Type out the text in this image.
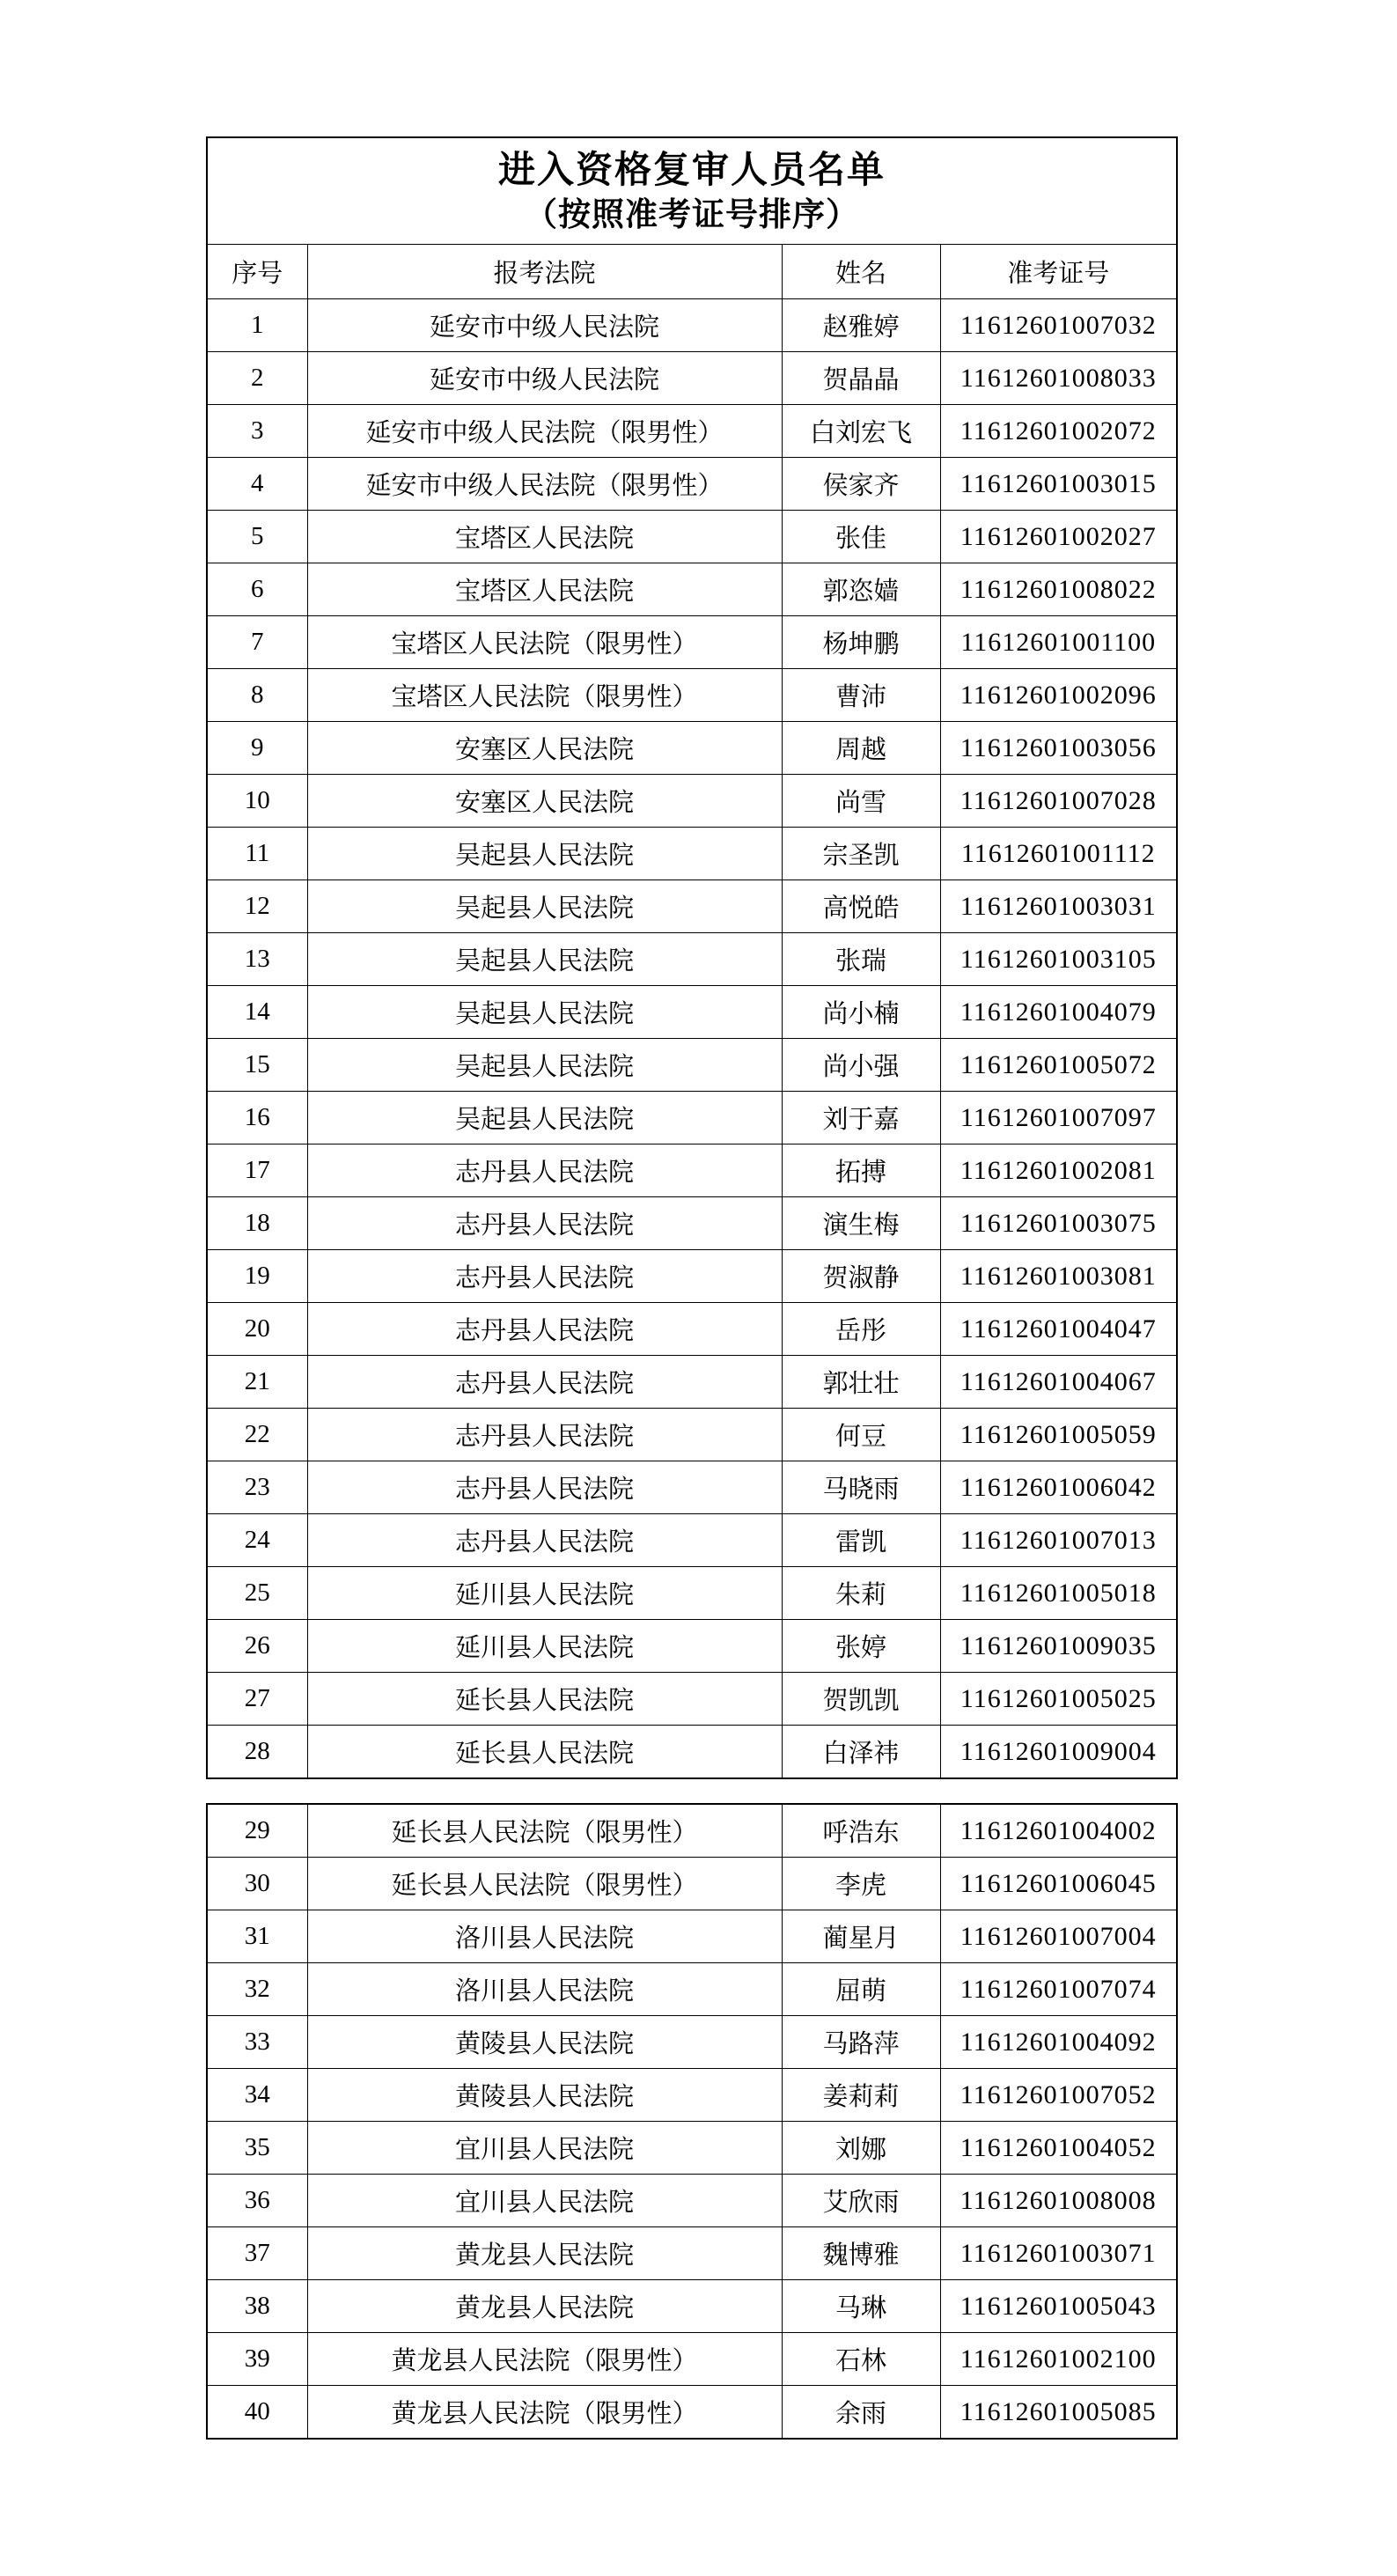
进入资格复审人员名单
（按照准考证号排序）			

序号	报考法院	姓名	准考证号
1	延安市中级人民法院	赵雅婷	11612601007032
2	延安市中级人民法院	贺晶晶	11612601008033
3	延安市中级人民法院（限男性）	白刘宏飞	11612601002072
4	延安市中级人民法院（限男性）	侯家齐	11612601003015
5	宝塔区人民法院	张佳	11612601002027
6	宝塔区人民法院	郭恣嫱	11612601008022
7	宝塔区人民法院（限男性）	杨坤鹏	11612601001100
8	宝塔区人民法院（限男性）	曹沛	11612601002096
9	安塞区人民法院	周越	11612601003056
10	安塞区人民法院	尚雪	11612601007028
11	吴起县人民法院	宗圣凯	11612601001112
12	吴起县人民法院	高悦皓	11612601003031
13	吴起县人民法院	张瑞	11612601003105
14	吴起县人民法院	尚小楠	11612601004079
15	吴起县人民法院	尚小强	11612601005072
16	吴起县人民法院	刘于嘉	11612601007097
17	志丹县人民法院	拓搏	11612601002081
18	志丹县人民法院	演生梅	11612601003075
19	志丹县人民法院	贺淑静	11612601003081
20	志丹县人民法院	岳彤	11612601004047
21	志丹县人民法院	郭壮壮	11612601004067
22	志丹县人民法院	何豆	11612601005059
23	志丹县人民法院	马晓雨	11612601006042
24	志丹县人民法院	雷凯	11612601007013
25	延川县人民法院	朱莉	11612601005018
26	延川县人民法院	张婷	11612601009035
27	延长县人民法院	贺凯凯	11612601005025
28	延长县人民法院	白泽祎	11612601009004
29	延长县人民法院（限男性）	呼浩东	11612601004002
30	延长县人民法院（限男性）	李虎	11612601006045
31	洛川县人民法院	蔺星月	11612601007004
32	洛川县人民法院	屈萌	11612601007074
33	黄陵县人民法院	马路萍	11612601004092
34	黄陵县人民法院	姜莉莉	11612601007052
35	宜川县人民法院	刘娜	11612601004052
36	宜川县人民法院	艾欣雨	11612601008008
37	黄龙县人民法院	魏博雅	11612601003071
38	黄龙县人民法院	马琳	11612601005043
39	黄龙县人民法院（限男性）	石林	11612601002100
40	黄龙县人民法院（限男性）	余雨	11612601005085
